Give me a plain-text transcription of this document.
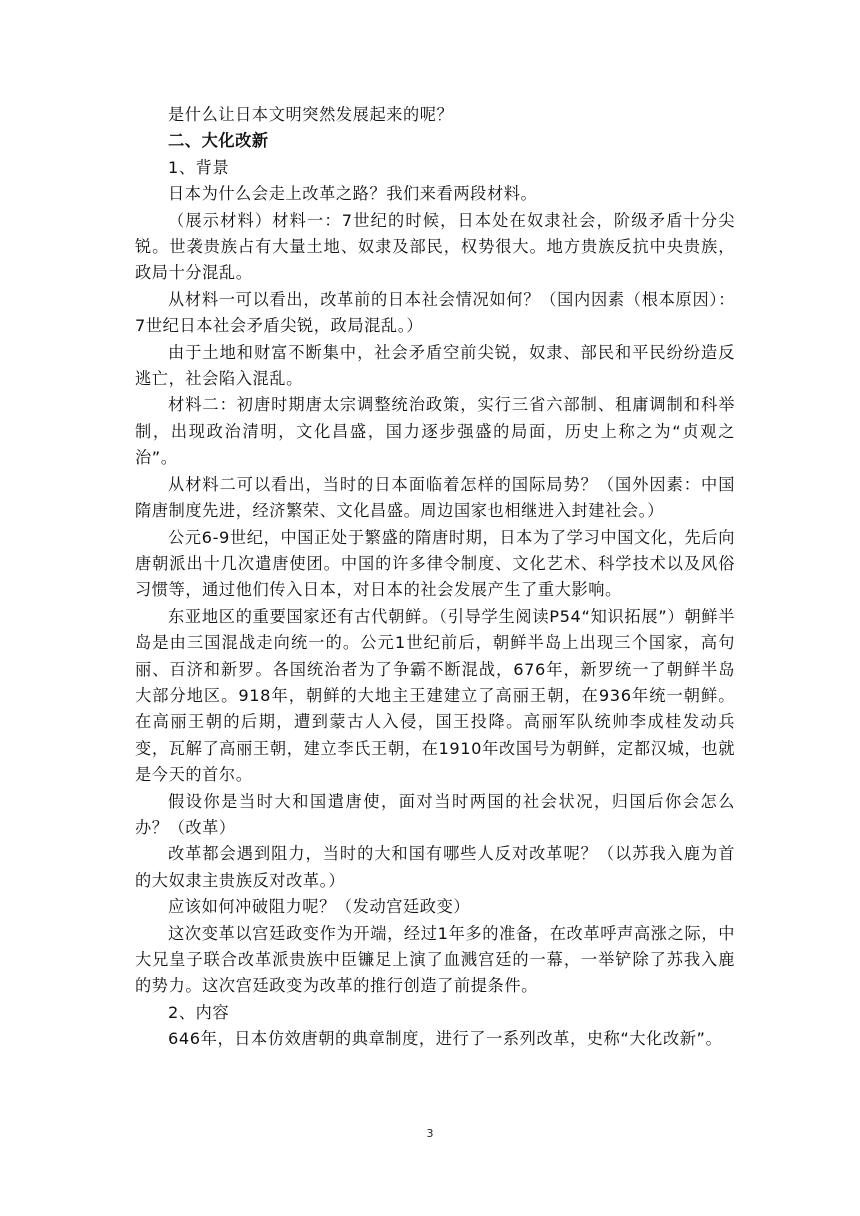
是什么让日本文明突然发展起来的呢？

二、大化改新

1、背景

日本为什么会走上改革之路？我们来看两段材料。

（展示材料）材料一：7世纪的时候，日本处在奴隶社会，阶级矛盾十分尖锐。世袭贵族占有大量土地、奴隶及部民，权势很大。地方贵族反抗中央贵族，政局十分混乱。

从材料一可以看出，改革前的日本社会情况如何？（国内因素（根本原因）：7世纪日本社会矛盾尖锐，政局混乱。）

由于土地和财富不断集中，社会矛盾空前尖锐，奴隶、部民和平民纷纷造反逃亡，社会陷入混乱。

材料二：初唐时期唐太宗调整统治政策，实行三省六部制、租庸调制和科举制，出现政治清明，文化昌盛，国力逐步强盛的局面，历史上称之为“贞观之治”。

从材料二可以看出，当时的日本面临着怎样的国际局势？（国外因素：中国隋唐制度先进，经济繁荣、文化昌盛。周边国家也相继进入封建社会。）

公元6-9世纪，中国正处于繁盛的隋唐时期，日本为了学习中国文化，先后向唐朝派出十几次遣唐使团。中国的许多律令制度、文化艺术、科学技术以及风俗习惯等，通过他们传入日本，对日本的社会发展产生了重大影响。

东亚地区的重要国家还有古代朝鲜。（引导学生阅读P54“知识拓展”）朝鲜半岛是由三国混战走向统一的。公元1世纪前后，朝鲜半岛上出现三个国家，高句丽、百济和新罗。各国统治者为了争霸不断混战，676年，新罗统一了朝鲜半岛大部分地区。918年，朝鲜的大地主王建建立了高丽王朝，在936年统一朝鲜。在高丽王朝的后期，遭到蒙古人入侵，国王投降。高丽军队统帅李成桂发动兵变，瓦解了高丽王朝，建立李氏王朝，在1910年改国号为朝鲜，定都汉城，也就是今天的首尔。

假设你是当时大和国遣唐使，面对当时两国的社会状况，归国后你会怎么办？（改革）

改革都会遇到阻力，当时的大和国有哪些人反对改革呢？（以苏我入鹿为首的大奴隶主贵族反对改革。）

应该如何冲破阻力呢？（发动宫廷政变）

这次变革以宫廷政变作为开端，经过1年多的准备，在改革呼声高涨之际，中大兄皇子联合改革派贵族中臣镰足上演了血溅宫廷的一幕，一举铲除了苏我入鹿的势力。这次宫廷政变为改革的推行创造了前提条件。

2、内容

646年，日本仿效唐朝的典章制度，进行了一系列改革，史称“大化改新”。

3
